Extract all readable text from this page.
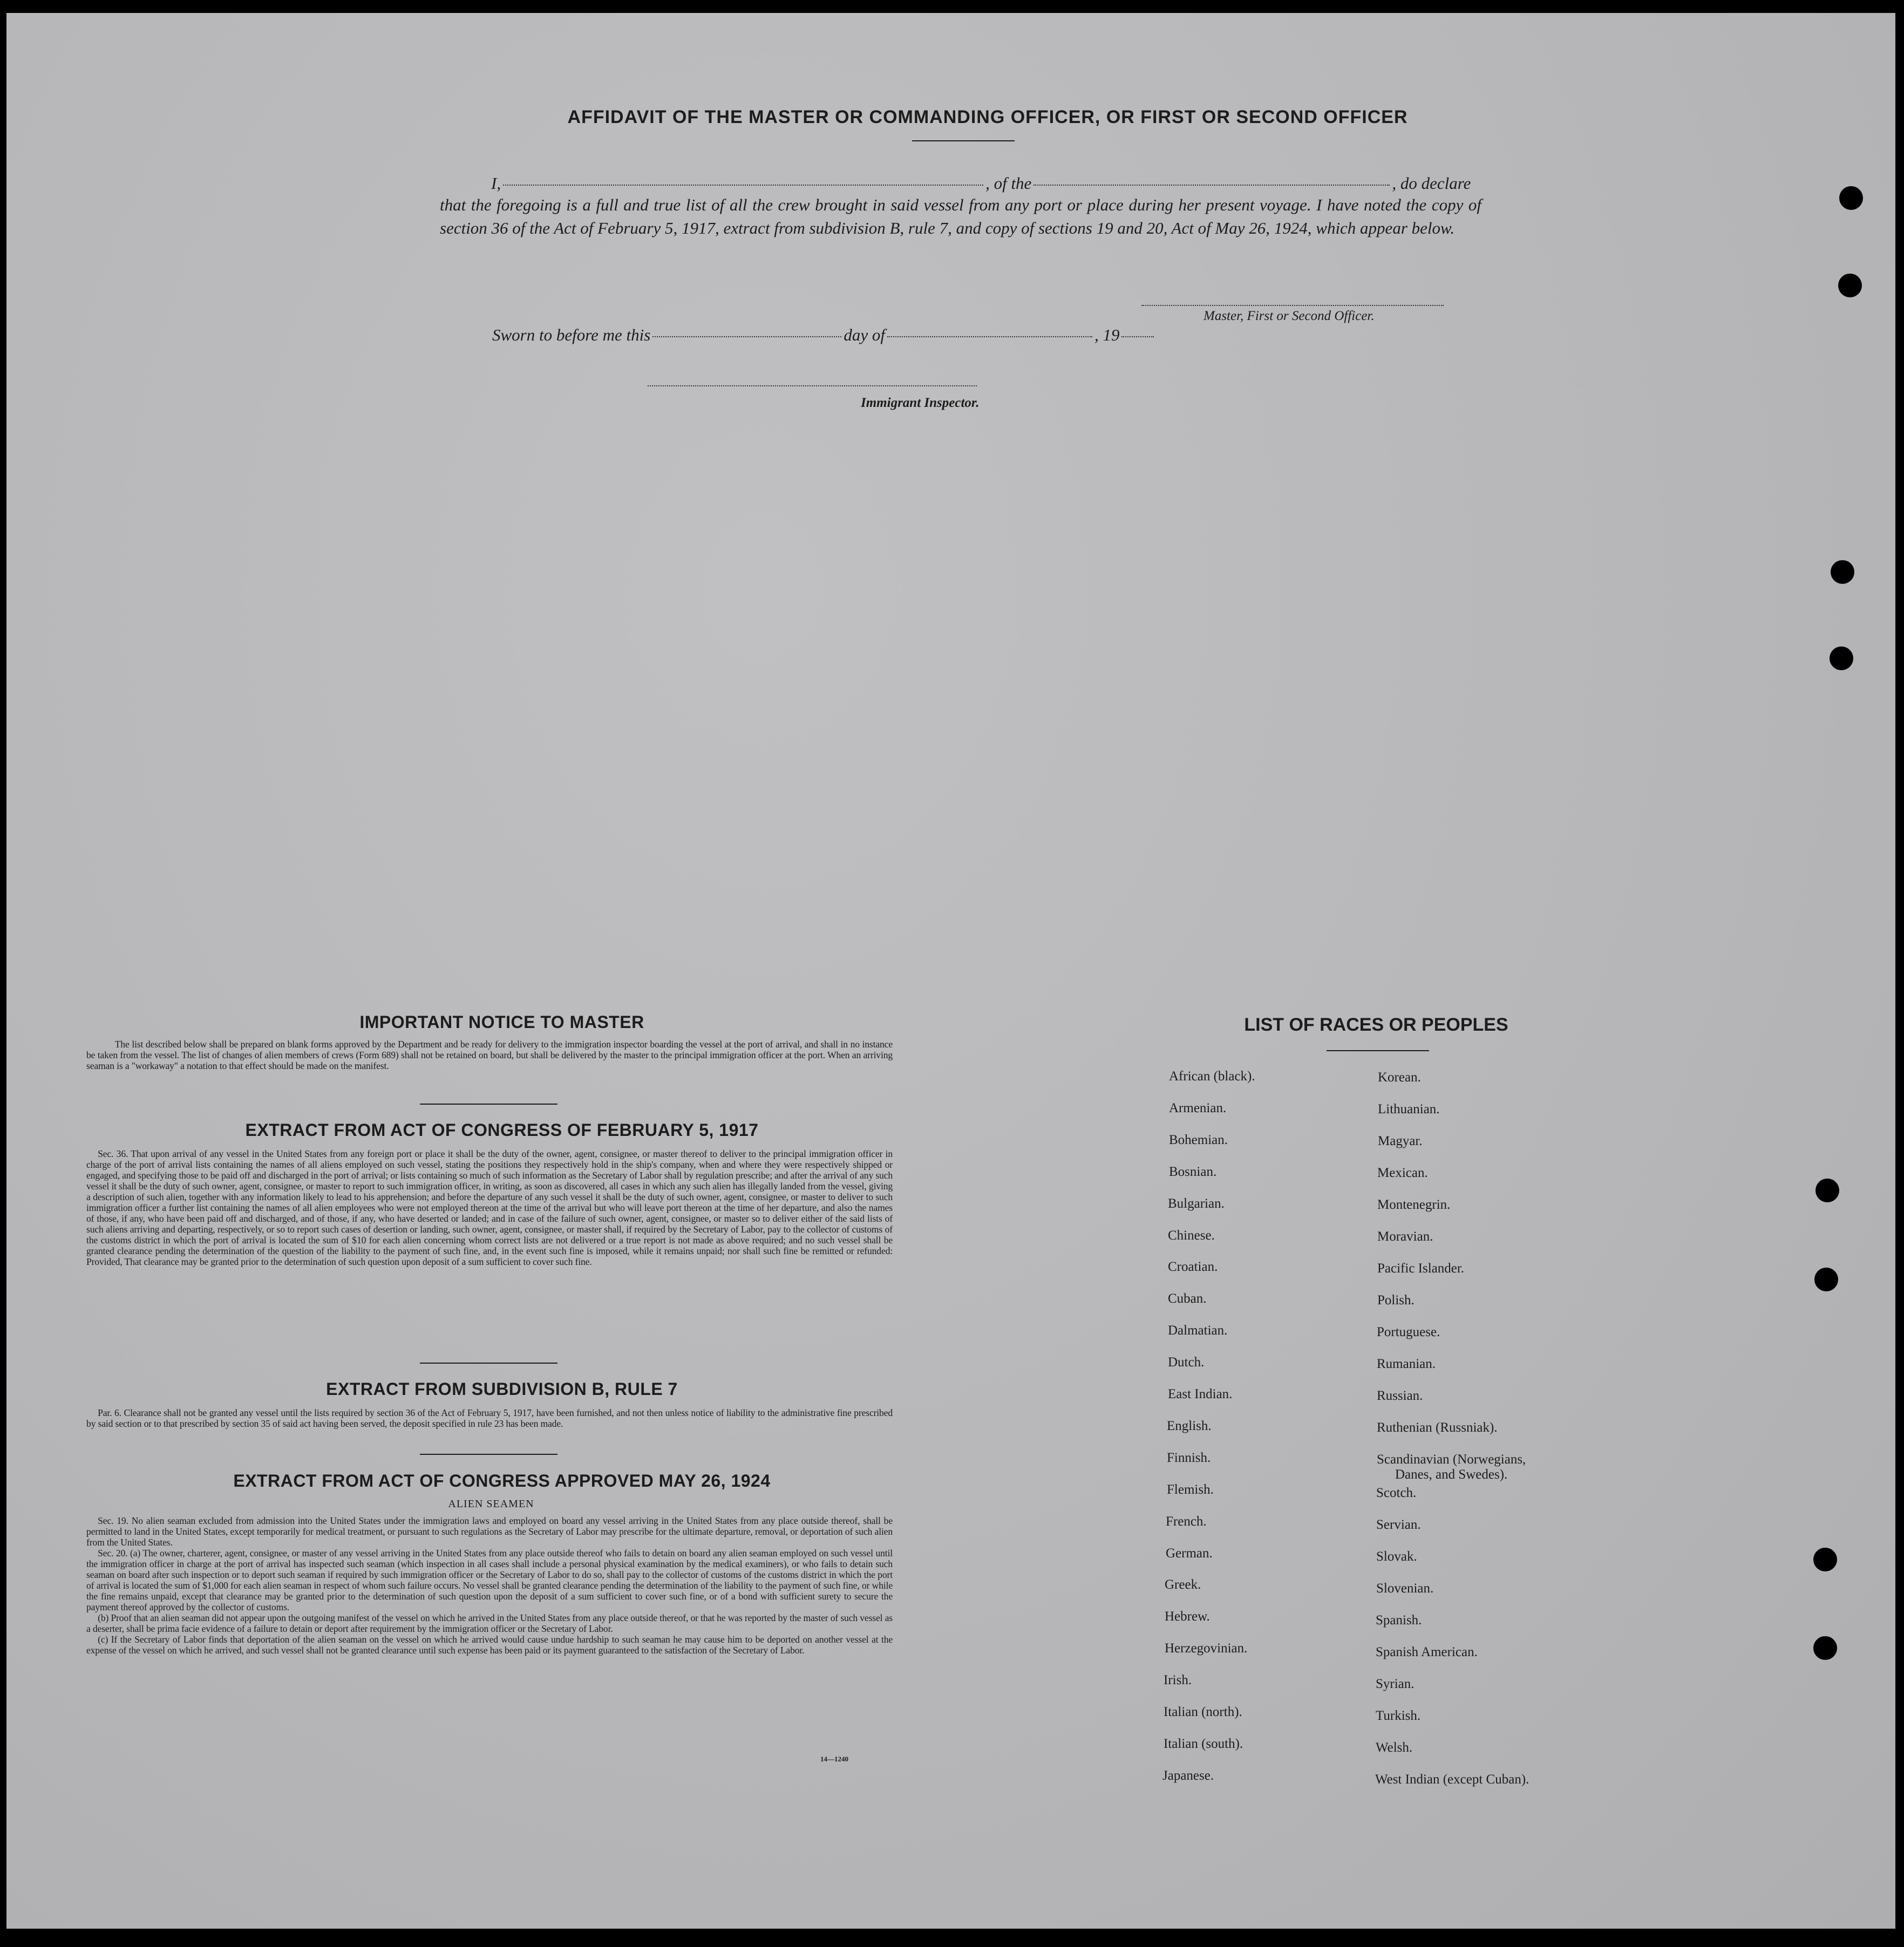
AFFIDAVIT OF THE MASTER OR COMMANDING OFFICER, OR FIRST OR SECOND OFFICER
I,	, of the	, do declare
that the foregoing is a full and true list of all the crew brought in said vessel from any port or place during her present voyage. I have noted the copy of section 36 of the Act of February 5, 1917, extract from subdivision B, rule 7, and copy of sections 19 and 20, Act of May 26, 1924, which appear below.
Master, First or Second Officer.
Sworn to before me this	day of	, 19
Immigrant Inspector.
IMPORTANT NOTICE TO MASTER

The list described below shall be prepared on blank forms approved by the Department and be ready for delivery to the immigration inspector boarding the vessel at the port of arrival, and shall in no instance be taken from the vessel. The list of changes of alien members of crews (Form 689) shall not be retained on board, but shall be delivered by the master to the principal immigration officer at the port. When an arriving seaman is a "workaway" a notation to that effect should be made on the manifest.

EXTRACT FROM ACT OF CONGRESS OF FEBRUARY 5, 1917

Sec. 36. That upon arrival of any vessel in the United States from any foreign port or place it shall be the duty of the owner, agent, consignee, or master thereof to deliver to the principal immigration officer in charge of the port of arrival lists containing the names of all aliens employed on such vessel, stating the positions they respectively hold in the ship's company, when and where they were respectively shipped or engaged, and specifying those to be paid off and discharged in the port of arrival; or lists containing so much of such information as the Secretary of Labor shall by regulation prescribe; and after the arrival of any such vessel it shall be the duty of such owner, agent, consignee, or master to report to such immigration officer, in writing, as soon as discovered, all cases in which any such alien has illegally landed from the vessel, giving a description of such alien, together with any information likely to lead to his apprehension; and before the departure of any such vessel it shall be the duty of such owner, agent, consignee, or master to deliver to such immigration officer a further list containing the names of all alien employees who were not employed thereon at the time of the arrival but who will leave port thereon at the time of her departure, and also the names of those, if any, who have been paid off and discharged, and of those, if any, who have deserted or landed; and in case of the failure of such owner, agent, consignee, or master so to deliver either of the said lists of such aliens arriving and departing, respectively, or so to report such cases of desertion or landing, such owner, agent, consignee, or master shall, if required by the Secretary of Labor, pay to the collector of customs of the customs district in which the port of arrival is located the sum of $10 for each alien concerning whom correct lists are not delivered or a true report is not made as above required; and no such vessel shall be granted clearance pending the determination of the question of the liability to the payment of such fine, and, in the event such fine is imposed, while it remains unpaid; nor shall such fine be remitted or refunded: Provided, That clearance may be granted prior to the determination of such question upon deposit of a sum sufficient to cover such fine.

EXTRACT FROM SUBDIVISION B, RULE 7

Par. 6. Clearance shall not be granted any vessel until the lists required by section 36 of the Act of February 5, 1917, have been furnished, and not then unless notice of liability to the administrative fine prescribed by said section or to that prescribed by section 35 of said act having been served, the deposit specified in rule 23 has been made.

EXTRACT FROM ACT OF CONGRESS APPROVED MAY 26, 1924
ALIEN SEAMEN

Sec. 19. No alien seaman excluded from admission into the United States under the immigration laws and employed on board any vessel arriving in the United States from any place outside thereof, shall be permitted to land in the United States, except temporarily for medical treatment, or pursuant to such regulations as the Secretary of Labor may prescribe for the ultimate departure, removal, or deportation of such alien from the United States.

Sec. 20. (a) The owner, charterer, agent, consignee, or master of any vessel arriving in the United States from any place outside thereof who fails to detain on board any alien seaman employed on such vessel until the immigration officer in charge at the port of arrival has inspected such seaman (which inspection in all cases shall include a personal physical examination by the medical examiners), or who fails to detain such seaman on board after such inspection or to deport such seaman if required by such immigration officer or the Secretary of Labor to do so, shall pay to the collector of customs of the customs district in which the port of arrival is located the sum of $1,000 for each alien seaman in respect of whom such failure occurs. No vessel shall be granted clearance pending the determination of the liability to the payment of such fine, or while the fine remains unpaid, except that clearance may be granted prior to the determination of such question upon the deposit of a sum sufficient to cover such fine, or of a bond with sufficient surety to secure the payment thereof approved by the collector of customs.

(b) Proof that an alien seaman did not appear upon the outgoing manifest of the vessel on which he arrived in the United States from any place outside thereof, or that he was reported by the master of such vessel as a deserter, shall be prima facie evidence of a failure to detain or deport after requirement by the immigration officer or the Secretary of Labor.

(c) If the Secretary of Labor finds that deportation of the alien seaman on the vessel on which he arrived would cause undue hardship to such seaman he may cause him to be deported on another vessel at the expense of the vessel on which he arrived, and such vessel shall not be granted clearance until such expense has been paid or its payment guaranteed to the satisfaction of the Secretary of Labor.

14—1240
LIST OF RACES OR PEOPLES
African (black).
Armenian.
Bohemian.
Bosnian.
Bulgarian.
Chinese.
Croatian.
Cuban.
Dalmatian.
Dutch.
East Indian.
English.
Finnish.
Flemish.
French.
German.
Greek.
Hebrew.
Herzegovinian.
Irish.
Italian (north).
Italian (south).
Japanese.
Korean.
Lithuanian.
Magyar.
Mexican.
Montenegrin.
Moravian.
Pacific Islander.
Polish.
Portuguese.
Rumanian.
Russian.
Ruthenian (Russniak).
Scandinavian (Norwegians,
Danes, and Swedes).
Scotch.
Servian.
Slovak.
Slovenian.
Spanish.
Spanish American.
Syrian.
Turkish.
Welsh.
West Indian (except Cuban).
